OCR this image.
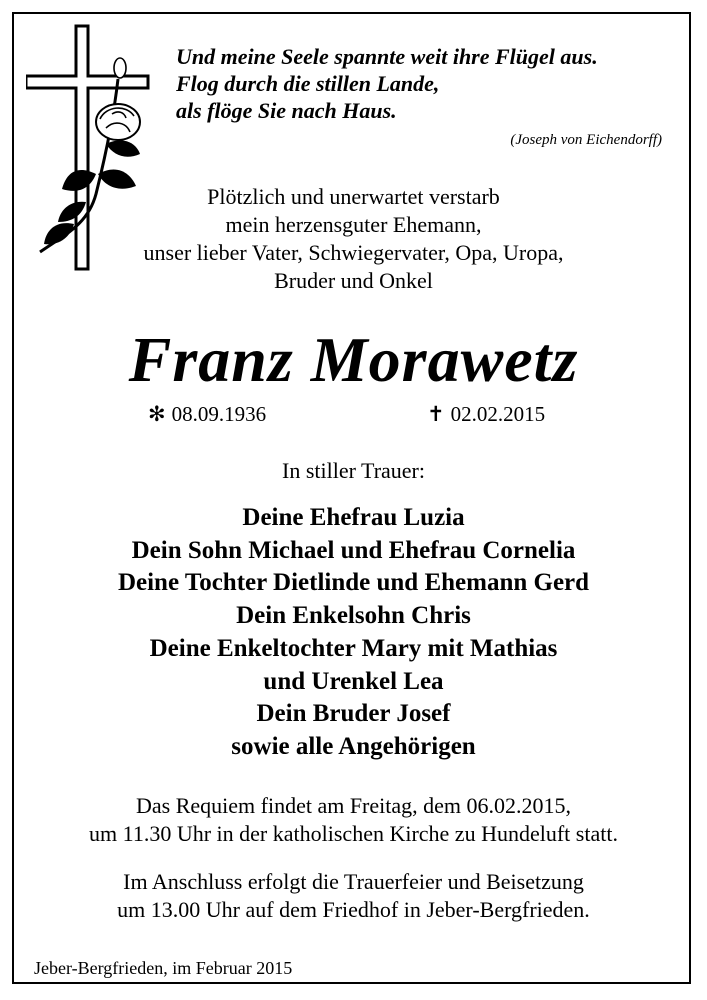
Und meine Seele spannte weit ihre Flügel aus.
Flog durch die stillen Lande,
als flöge Sie nach Haus.
(Joseph von Eichendorff)
Plötzlich und unerwartet verstarb
mein herzensguter Ehemann,
unser lieber Vater, Schwiegervater, Opa, Uropa,
Bruder und Onkel
Franz Morawetz
✻ 08.09.1936	✝ 02.02.2015
In stiller Trauer:
Deine Ehefrau Luzia
Dein Sohn Michael und Ehefrau Cornelia
Deine Tochter Dietlinde und Ehemann Gerd
Dein Enkelsohn Chris
Deine Enkeltochter Mary mit Mathias
und Urenkel Lea
Dein Bruder Josef
sowie alle Angehörigen
Das Requiem findet am Freitag, dem 06.02.2015,
um 11.30 Uhr in der katholischen Kirche zu Hundeluft statt.
Im Anschluss erfolgt die Trauerfeier und Beisetzung
um 13.00 Uhr auf dem Friedhof in Jeber-Bergfrieden.
Jeber-Bergfrieden, im Februar 2015
